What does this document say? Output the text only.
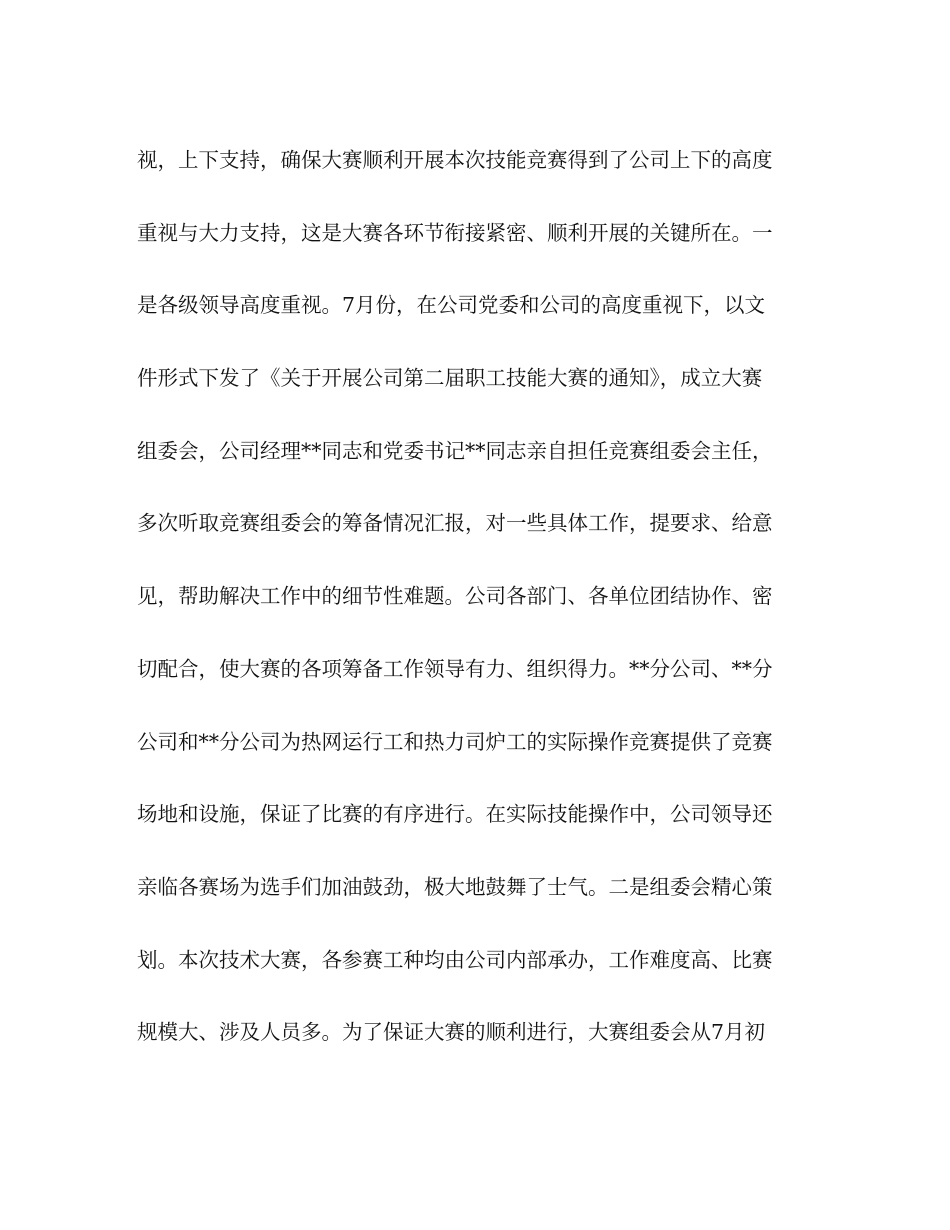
视，上下支持，确保大赛顺利开展本次技能竞赛得到了公司上下的高度
重视与大力支持，这是大赛各环节衔接紧密、顺利开展的关键所在。一
是各级领导高度重视。7月份，在公司党委和公司的高度重视下，以文
件形式下发了《关于开展公司第二届职工技能大赛的通知》，成立大赛
组委会，公司经理**同志和党委书记**同志亲自担任竞赛组委会主任，
多次听取竞赛组委会的筹备情况汇报，对一些具体工作，提要求、给意
见，帮助解决工作中的细节性难题。公司各部门、各单位团结协作、密
切配合，使大赛的各项筹备工作领导有力、组织得力。**分公司、**分
公司和**分公司为热网运行工和热力司炉工的实际操作竞赛提供了竞赛
场地和设施，保证了比赛的有序进行。在实际技能操作中，公司领导还
亲临各赛场为选手们加油鼓劲，极大地鼓舞了士气。二是组委会精心策
划。本次技术大赛，各参赛工种均由公司内部承办，工作难度高、比赛
规模大、涉及人员多。为了保证大赛的顺利进行，大赛组委会从7月初
